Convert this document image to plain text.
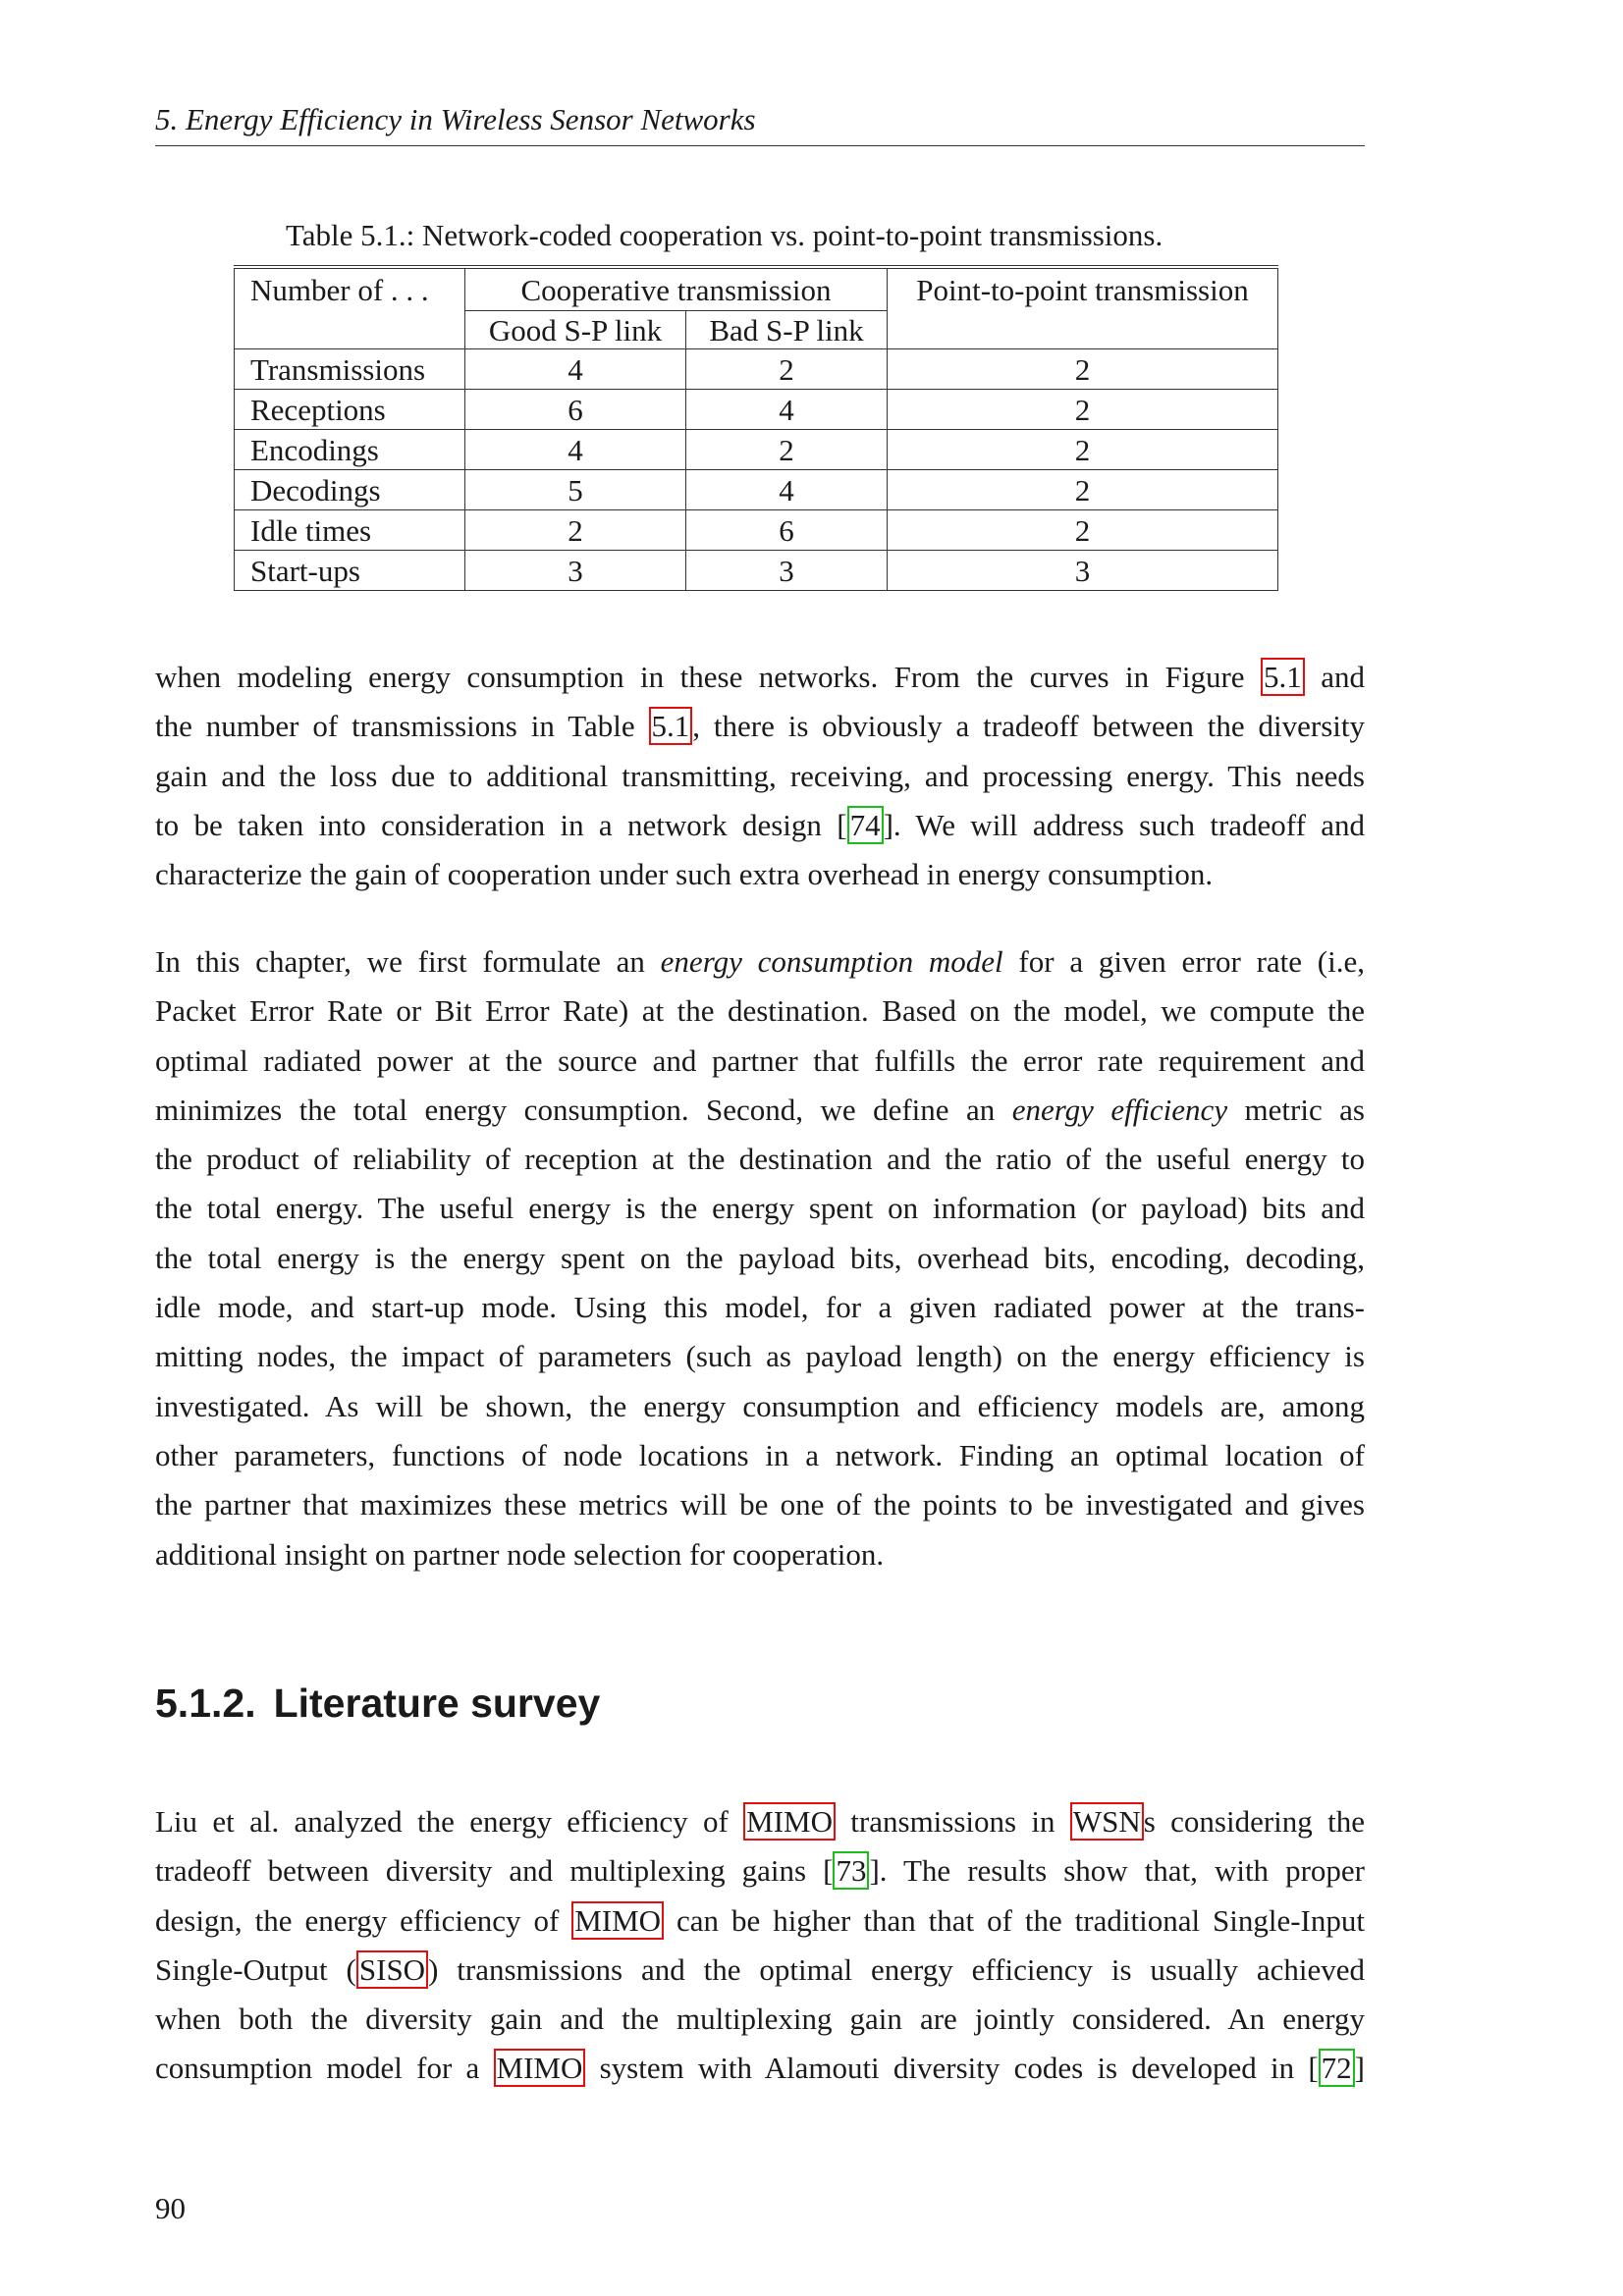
5. Energy Efficiency in Wireless Sensor Networks
Table 5.1.: Network-coded cooperation vs. point-to-point transmissions.
Number of . . .	Cooperative transmission		Point-to-point transmission
	Good S-P link	Bad S-P link	
Transmissions	4	2	2
Receptions	6	4	2
Encodings	4	2	2
Decodings	5	4	2
Idle times	2	6	2
Start-ups	3	3	3
when modeling energy consumption in these networks. From the curves in Figure 5.1 and
the number of transmissions in Table 5.1, there is obviously a tradeoff between the diversity
gain and the loss due to additional transmitting, receiving, and processing energy. This needs
to be taken into consideration in a network design [74]. We will address such tradeoff and
characterize the gain of cooperation under such extra overhead in energy consumption.
In this chapter, we first formulate an energy consumption model for a given error rate (i.e,
Packet Error Rate or Bit Error Rate) at the destination. Based on the model, we compute the
optimal radiated power at the source and partner that fulfills the error rate requirement and
minimizes the total energy consumption. Second, we define an energy efficiency metric as
the product of reliability of reception at the destination and the ratio of the useful energy to
the total energy. The useful energy is the energy spent on information (or payload) bits and
the total energy is the energy spent on the payload bits, overhead bits, encoding, decoding,
idle mode, and start-up mode. Using this model, for a given radiated power at the trans-
mitting nodes, the impact of parameters (such as payload length) on the energy efficiency is
investigated. As will be shown, the energy consumption and efficiency models are, among
other parameters, functions of node locations in a network. Finding an optimal location of
the partner that maximizes these metrics will be one of the points to be investigated and gives
additional insight on partner node selection for cooperation.
5.1.2. Literature survey
Liu et al. analyzed the energy efficiency of MIMO transmissions in WSNs considering the
tradeoff between diversity and multiplexing gains [73]. The results show that, with proper
design, the energy efficiency of MIMO can be higher than that of the traditional Single-Input
Single-Output (SISO) transmissions and the optimal energy efficiency is usually achieved
when both the diversity gain and the multiplexing gain are jointly considered. An energy
consumption model for a MIMO system with Alamouti diversity codes is developed in [72]
90
